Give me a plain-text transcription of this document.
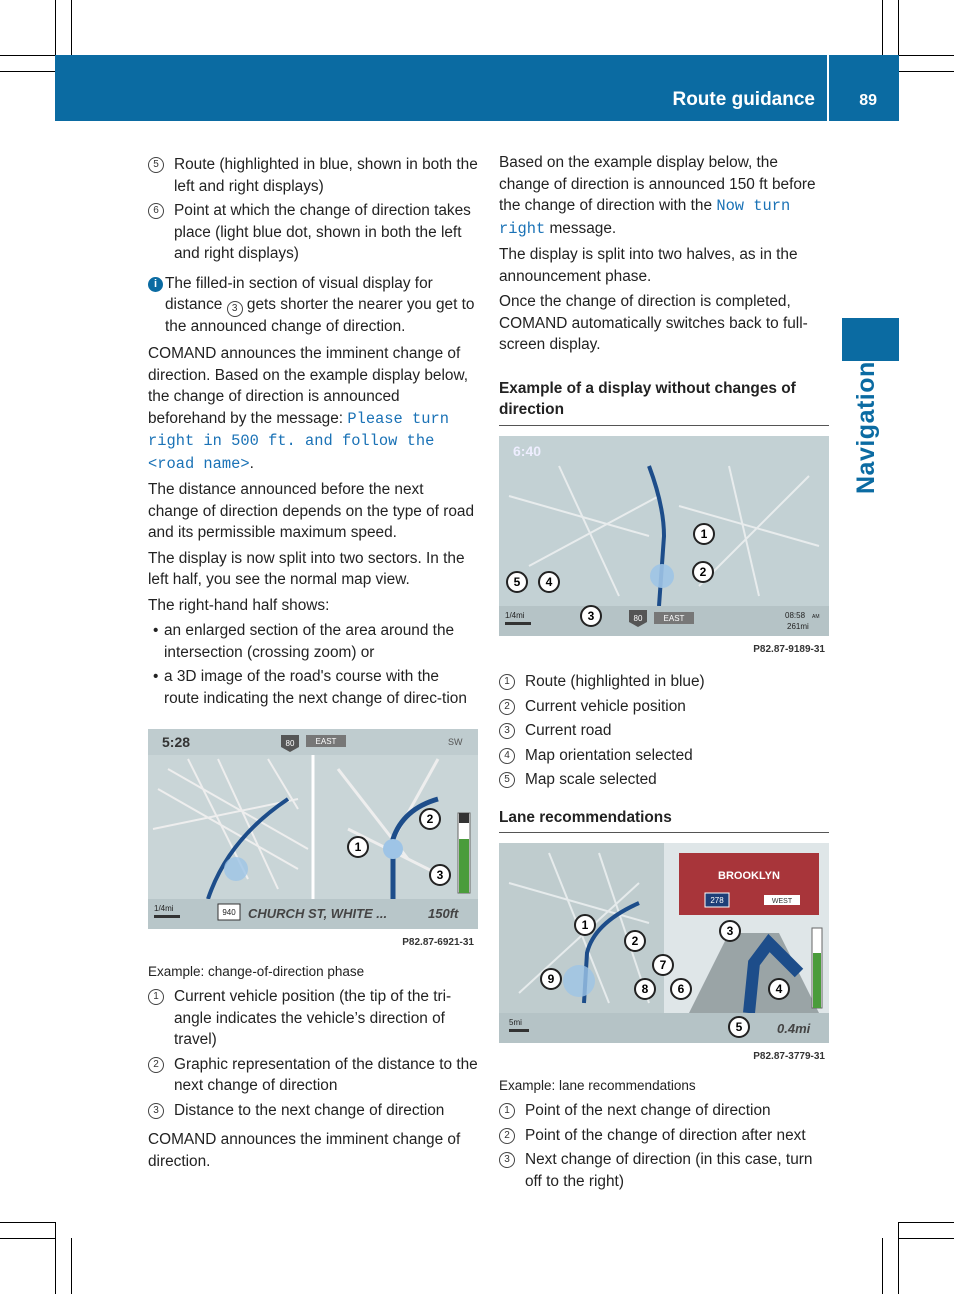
Route guidance	89
Navigation
5 Route (highlighted in blue, shown in both the left and right displays)
6 Point at which the change of direction takes place (light blue dot, shown in both the left and right displays)
i The filled-in section of visual display for distance 3 gets shorter the nearer you get to the announced change of direction.

COMAND announces the imminent change of direction. Based on the example display below, the change of direction is announced beforehand by the message: Please turn right in 500 ft. and follow the <road name>.

The distance announced before the next change of direction depends on the type of road and its permissible maximum speed.

The display is now split into two sectors. In the left half, you see the normal map view.

The right-hand half shows:

• an enlarged section of the area around the intersection (crossing zoom) or
• a 3D image of the road's course with the route indicating the next change of direc-tion
5:28	80	EAST	SW
1/4mi	940 CHURCH ST, WHITE ...	150ft
1
2
3
P82.87-6921-31
Example: change-of-direction phase
1 Current vehicle position (the tip of the tri-angle indicates the vehicle’s direction of travel)
2 Graphic representation of the distance to the next change of direction
3 Distance to the next change of direction

COMAND announces the imminent change of direction.

Based on the example display below, the change of direction is announced 150 ft before the change of direction with the Now turn right message.

The display is split into two halves, as in the announcement phase.

Once the change of direction is completed, COMAND automatically switches back to full-screen display.

Example of a display without changes of direction
6:40
1/4mi	80	EAST	08:58 AM
261mi
1
2
3
4
5
P82.87-9189-31
1 Route (highlighted in blue)
2 Current vehicle position
3 Current road
4 Map orientation selected
5 Map scale selected
Lane recommendations
BROOKLYN
278	WEST
5mi	0.4mi
1
2
3
4
5
6
7
8
9
P82.87-3779-31
Example: lane recommendations
1 Point of the next change of direction
2 Point of the change of direction after next
3 Next change of direction (in this case, turn off to the right)
